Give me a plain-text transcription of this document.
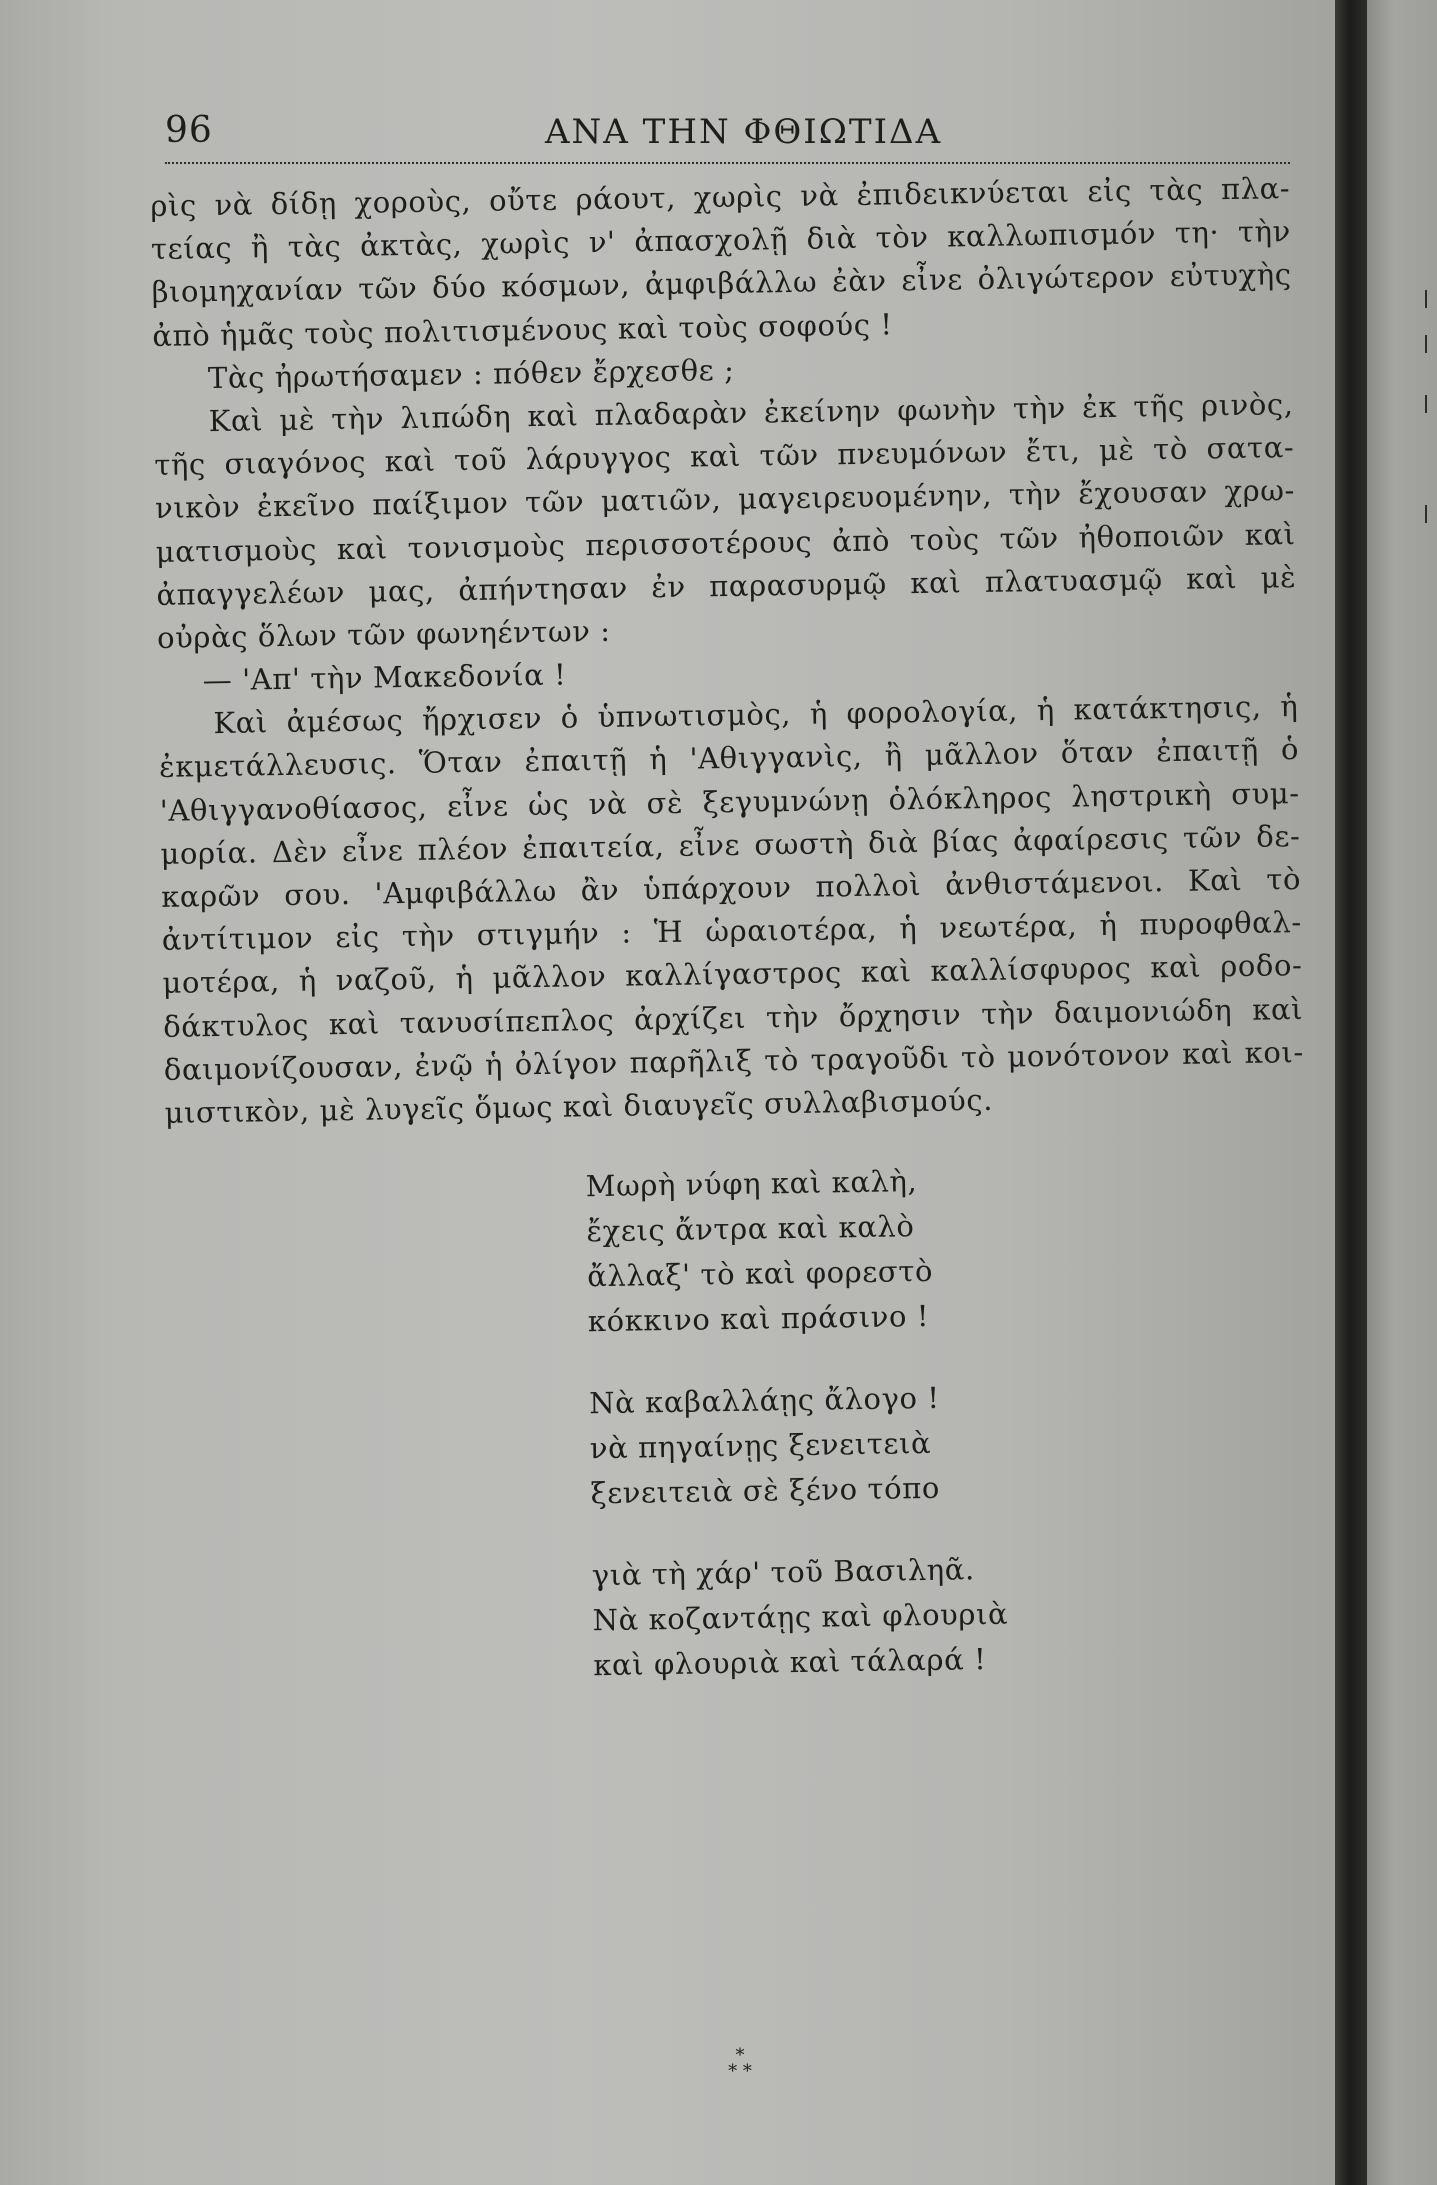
96	ΑΝΑ ΤΗΝ ΦΘΙΩΤΙΔΑ
ρὶς νὰ δίδῃ χοροὺς, οὔτε ράουτ, χωρὶς νὰ ἐπιδεικνύεται εἰς τὰς πλα-
τείας ἢ τὰς ἀκτὰς, χωρὶς ν' ἀπασχολῇ διὰ τὸν καλλωπισμόν τη· τὴν
βιομηχανίαν τῶν δύο κόσμων, ἀμφιβάλλω ἐὰν εἶνε ὀλιγώτερον εὐτυχὴς
ἀπὸ ἡμᾶς τοὺς πολιτισμένους καὶ τοὺς σοφούς !
Τὰς ἠρωτήσαμεν : πόθεν ἔρχεσθε ;
Καὶ μὲ τὴν λιπώδη καὶ πλαδαρὰν ἐκείνην φωνὴν τὴν ἐκ τῆς ρινὸς,
τῆς σιαγόνος καὶ τοῦ λάρυγγος καὶ τῶν πνευμόνων ἔτι, μὲ τὸ σατα-
νικὸν ἐκεῖνο παίξιμον τῶν ματιῶν, μαγειρευομένην, τὴν ἔχουσαν χρω-
ματισμοὺς καὶ τονισμοὺς περισσοτέρους ἀπὸ τοὺς τῶν ἠθοποιῶν καὶ
ἀπαγγελέων μας, ἀπήντησαν ἐν παρασυρμῷ καὶ πλατυασμῷ καὶ μὲ
οὐρὰς ὅλων τῶν φωνηέντων :
— 'Απ' τὴν Μακεδονία !
Καὶ ἀμέσως ἤρχισεν ὁ ὑπνωτισμὸς, ἡ φορολογία, ἡ κατάκτησις, ἡ
ἐκμετάλλευσις. Ὅταν ἐπαιτῇ ἡ 'Αθιγγανὶς, ἢ μᾶλλον ὅταν ἐπαιτῇ ὁ
'Αθιγγανοθίασος, εἶνε ὡς νὰ σὲ ξεγυμνώνῃ ὁλόκληρος ληστρικὴ συμ-
μορία. Δὲν εἶνε πλέον ἐπαιτεία, εἶνε σωστὴ διὰ βίας ἀφαίρεσις τῶν δε-
καρῶν σου. 'Αμφιβάλλω ἂν ὑπάρχουν πολλοὶ ἀνθιστάμενοι. Καὶ τὸ
ἀντίτιμον εἰς τὴν στιγμήν : Ἡ ὡραιοτέρα, ἡ νεωτέρα, ἡ πυροφθαλ-
μοτέρα, ἡ ναζοῦ, ἡ μᾶλλον καλλίγαστρος καὶ καλλίσφυρος καὶ ροδο-
δάκτυλος καὶ τανυσίπεπλος ἀρχίζει τὴν ὄρχησιν τὴν δαιμονιώδη καὶ
δαιμονίζουσαν, ἐνῷ ἡ ὀλίγον παρῆλιξ τὸ τραγοῦδι τὸ μονότονον καὶ κοι-
μιστικὸν, μὲ λυγεῖς ὅμως καὶ διαυγεῖς συλλαβισμούς.
Μωρὴ νύφη καὶ καλὴ,
ἔχεις ἄντρα καὶ καλὸ
ἄλλαξ' τὸ καὶ φορεστὸ
κόκκινο καὶ πράσινο !
Νὰ καβαλλάῃς ἄλογο !
νὰ πηγαίνῃς ξενειτειὰ
ξενειτειὰ σὲ ξένο τόπο
γιὰ τὴ χάρ' τοῦ Βασιληᾶ.
Νὰ κοζαντάῃς καὶ φλουριὰ
καὶ φλουριὰ καὶ τάλαρά !
*
* *
